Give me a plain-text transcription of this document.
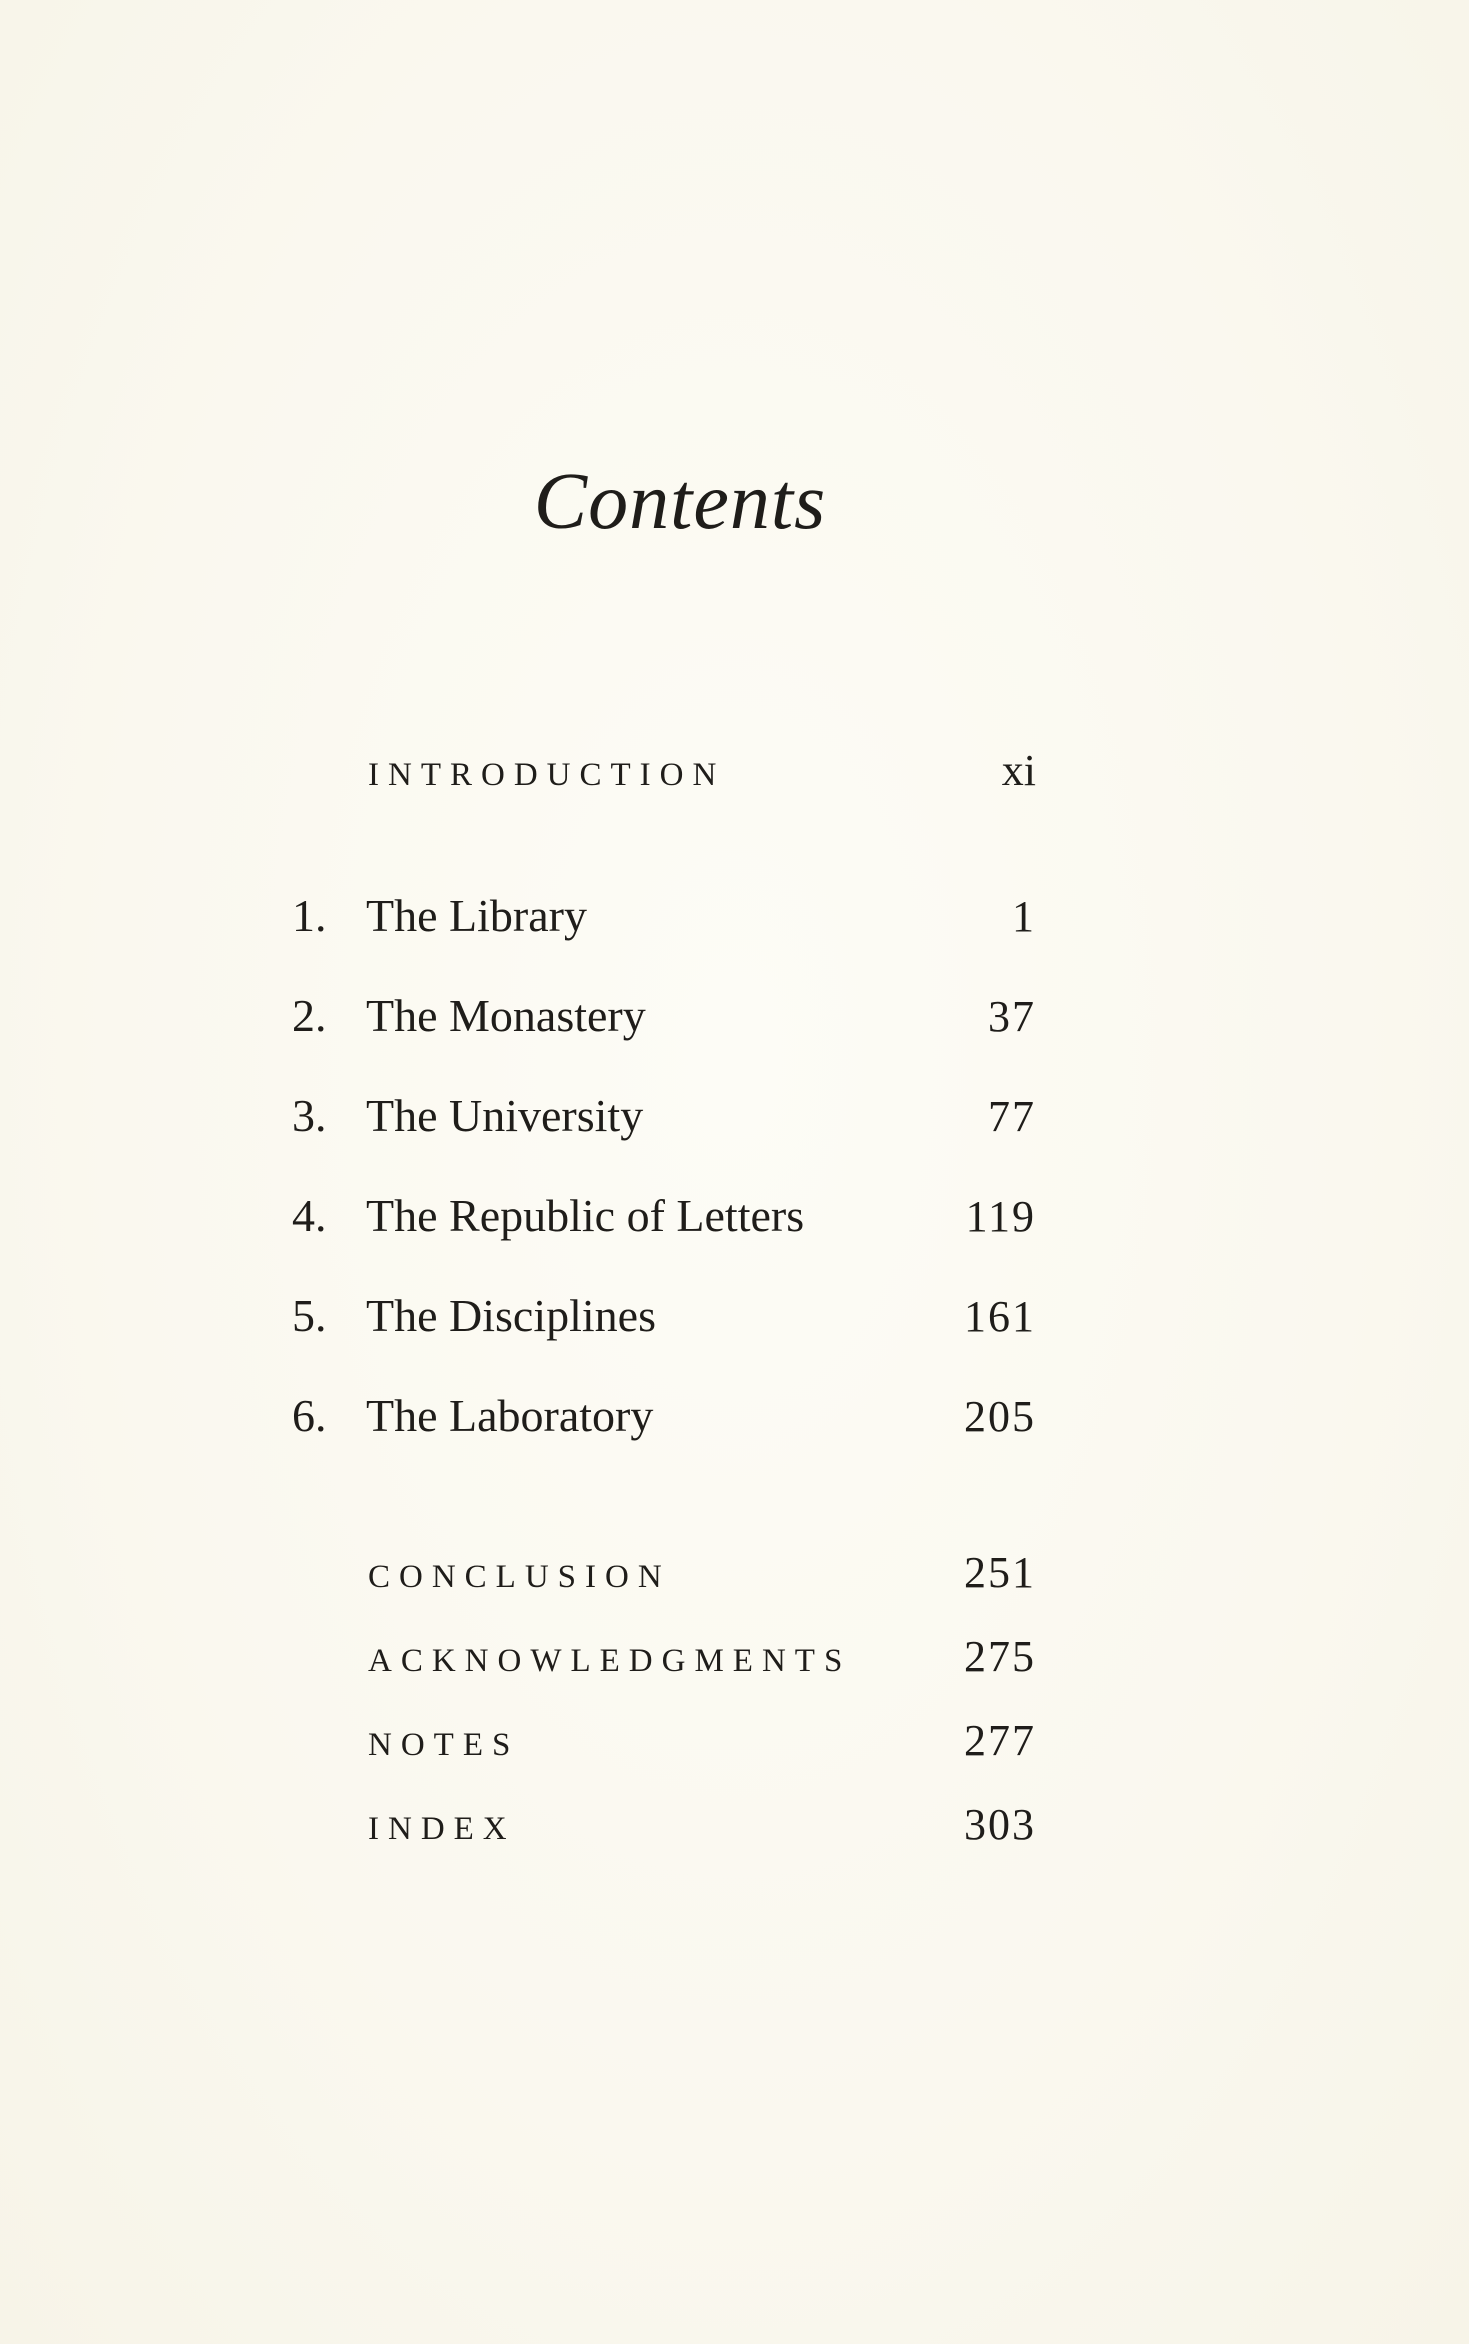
Contents
INTRODUCTION	xi
1. The Library	1
2. The Monastery	37
3. The University	77
4. The Republic of Letters	119
5. The Disciplines	161
6. The Laboratory	205
CONCLUSION	251
ACKNOWLEDGMENTS	275
NOTES	277
INDEX	303
